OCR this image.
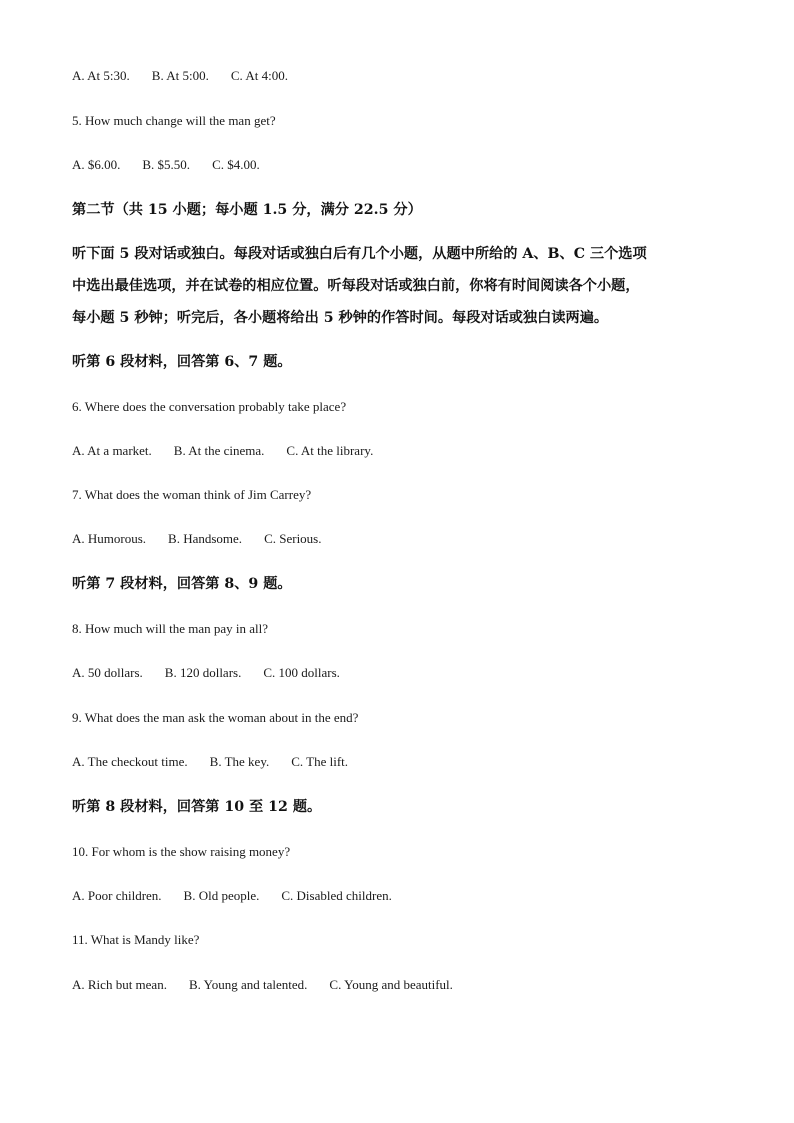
A. At 5:30. B. At 5:00. C. At 4:00.
5. How much change will the man get?
A. $6.00. B. $5.50. C. $4.00.
第二节（共 15 小题；每小题 1.5 分，满分 22.5 分）
听下面 5 段对话或独白。每段对话或独白后有几个小题，从题中所给的 A、B、C 三个选项
中选出最佳选项，并在试卷的相应位置。听每段对话或独白前，你将有时间阅读各个小题，
每小题 5 秒钟；听完后，各小题将给出 5 秒钟的作答时间。每段对话或独白读两遍。
听第 6 段材料，回答第 6、7 题。
6. Where does the conversation probably take place?
A. At a market. B. At the cinema. C. At the library.
7. What does the woman think of Jim Carrey?
A. Humorous. B. Handsome. C. Serious.
听第 7 段材料，回答第 8、9 题。
8. How much will the man pay in all?
A. 50 dollars. B. 120 dollars. C. 100 dollars.
9. What does the man ask the woman about in the end?
A. The checkout time. B. The key. C. The lift.
听第 8 段材料，回答第 10 至 12 题。
10. For whom is the show raising money?
A. Poor children. B. Old people. C. Disabled children.
11. What is Mandy like?
A. Rich but mean. B. Young and talented. C. Young and beautiful.
